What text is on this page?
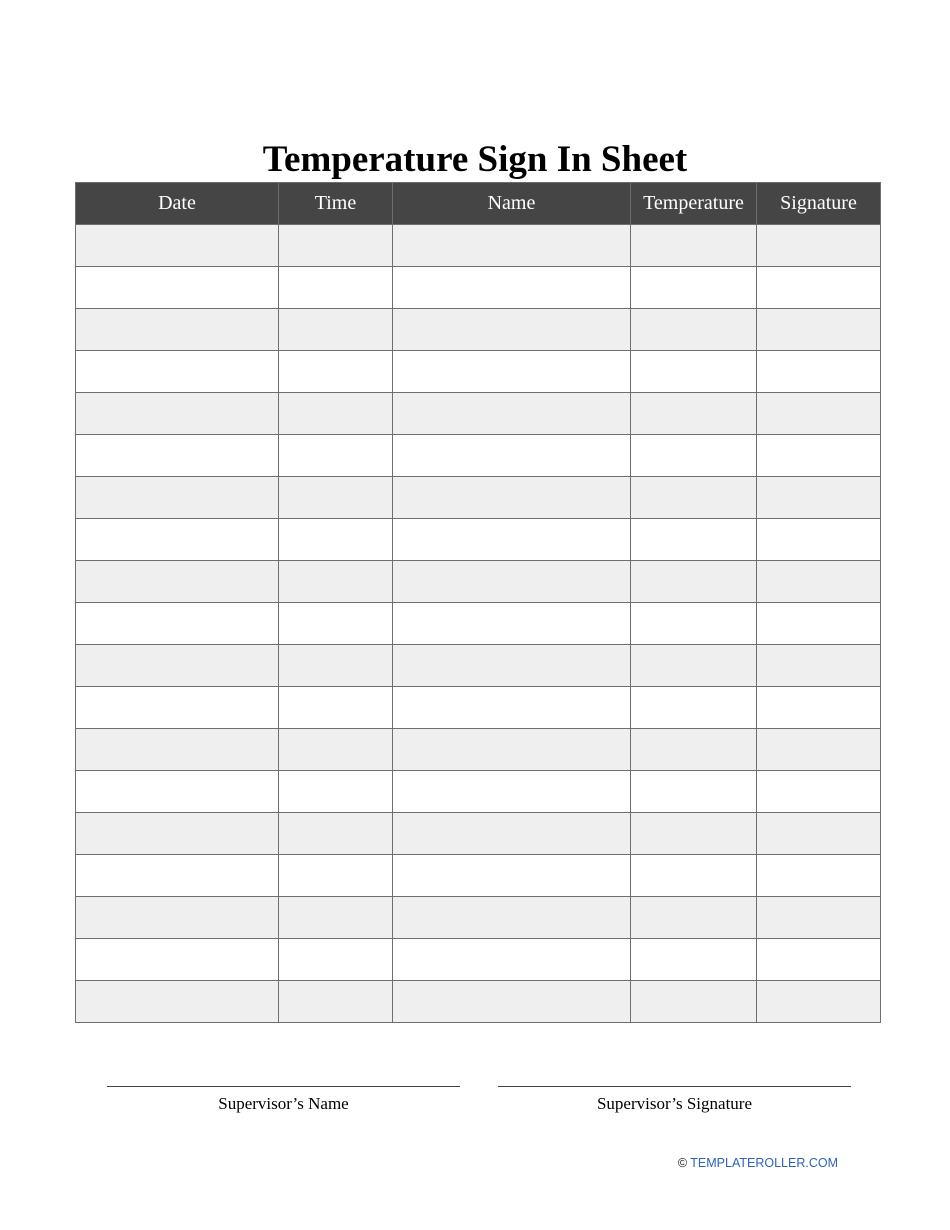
Temperature Sign In Sheet
Date	Time	Name	Temperature	Signature

Supervisor’s Name	Supervisor’s Signature
© TEMPLATEROLLER.COM
